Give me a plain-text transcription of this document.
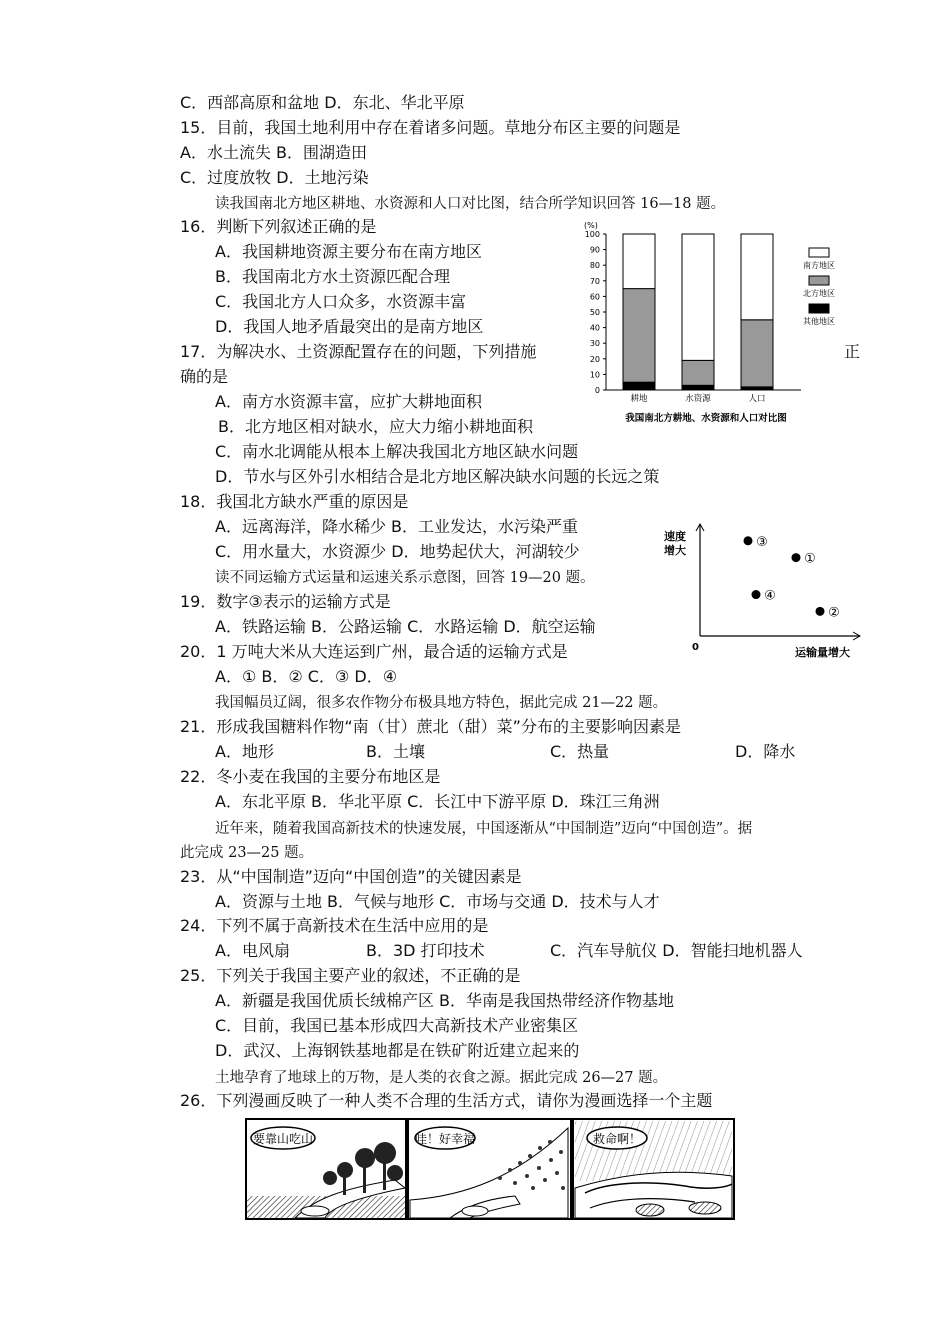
C．西部高原和盆地 D．东北、华北平原
15．目前，我国土地利用中存在着诸多问题。草地分布区主要的问题是
A．水土流失 B．围湖造田
C．过度放牧 D．土地污染
读我国南北方地区耕地、水资源和人口对比图，结合所学知识回答 16—18 题。
16．判断下列叙述正确的是
A．我国耕地资源主要分布在南方地区
B．我国南北方水土资源匹配合理
C．我国北方人口众多，水资源丰富
D．我国人地矛盾最突出的是南方地区
17．为解决水、土资源配置存在的问题，下列措施	正
确的是
A．南方水资源丰富，应扩大耕地面积
B．北方地区相对缺水，应大力缩小耕地面积
C．南水北调能从根本上解决我国北方地区缺水问题
D．节水与区外引水相结合是北方地区解决缺水问题的长远之策
18．我国北方缺水严重的原因是
A．远离海洋，降水稀少 B．工业发达，水污染严重
C．用水量大，水资源少 D．地势起伏大，河湖较少
读不同运输方式运量和运速关系示意图，回答 19—20 题。
19．数字③表示的运输方式是
A．铁路运输 B．公路运输 C．水路运输 D．航空运输
20．1 万吨大米从大连运到广州，最合适的运输方式是
A．① B．② C．③ D．④
我国幅员辽阔，很多农作物分布极具地方特色，据此完成 21—22 题。
21．形成我国糖料作物“南（甘）蔗北（甜）菜”分布的主要影响因素是
A．地形	B．土壤	C．热量	D．降水
22．冬小麦在我国的主要分布地区是
A．东北平原 B．华北平原 C．长江中下游平原 D．珠江三角洲
近年来，随着我国高新技术的快速发展，中国逐渐从“中国制造”迈向“中国创造”。据
此完成 23—25 题。
23．从“中国制造”迈向“中国创造”的关键因素是
A．资源与土地 B．气候与地形 C．市场与交通 D．技术与人才
24．下列不属于高新技术在生活中应用的是
A．电风扇	B．3D 打印技术	C．汽车导航仪 D．智能扫地机器人
25．下列关于我国主要产业的叙述，不正确的是
A．新疆是我国优质长绒棉产区 B．华南是我国热带经济作物基地
C．目前，我国已基本形成四大高新技术产业密集区
D．武汉、上海钢铁基地都是在铁矿附近建立起来的
土地孕育了地球上的万物，是人类的衣食之源。据此完成 26—27 题。
26．下列漫画反映了一种人类不合理的生活方式，请你为漫画选择一个主题
(%)
0
10
20
30
40
50
60
70
80
90
100
耕地	水资源	人口
南方地区
北方地区
其他地区
我国南北方耕地、水资源和人口对比图
0	运输量增大
速度
增大
①
②
③
④
要靠山吃山	哇！好幸福	救命啊！
